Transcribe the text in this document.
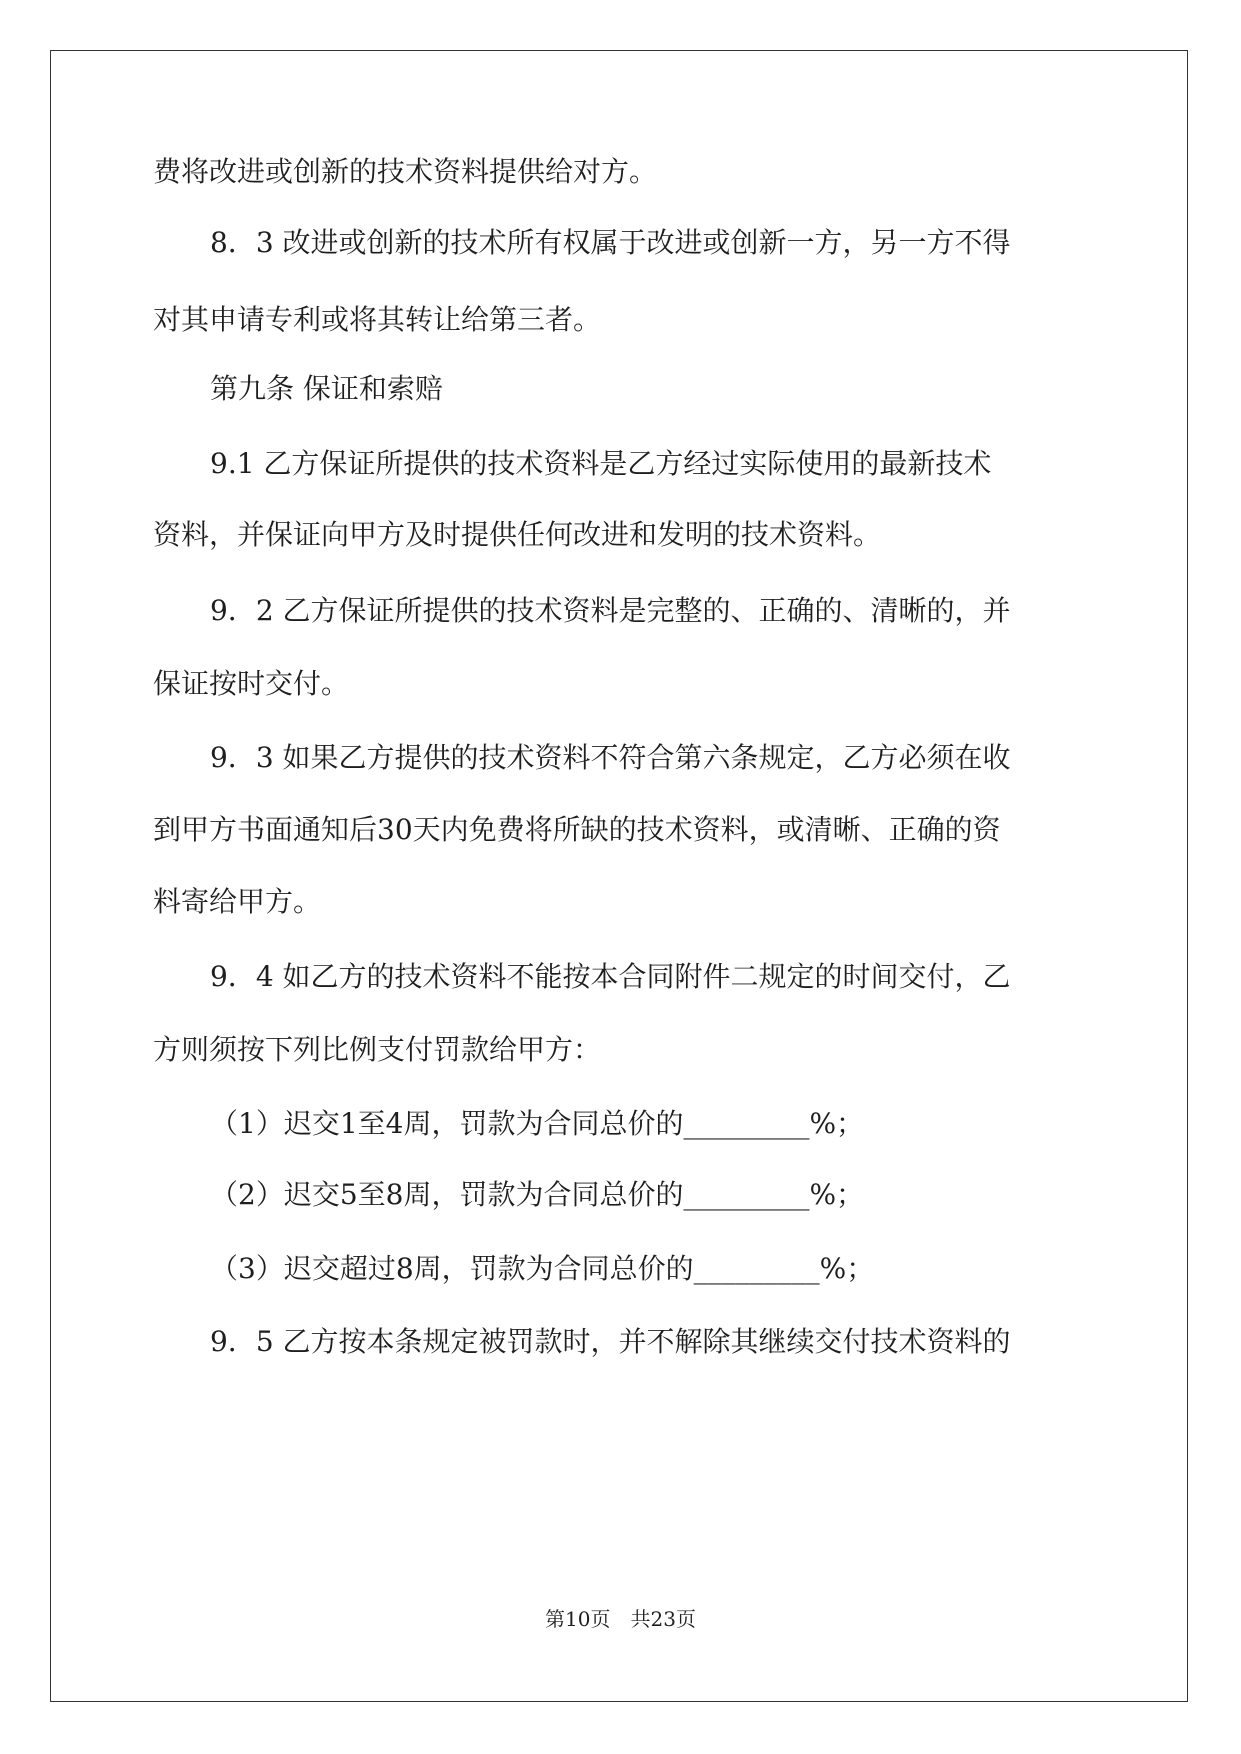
费将改进或创新的技术资料提供给对方。

8．3 改进或创新的技术所有权属于改进或创新一方，另一方不得

对其申请专利或将其转让给第三者。

第九条 保证和索赔

9.1 乙方保证所提供的技术资料是乙方经过实际使用的最新技术

资料，并保证向甲方及时提供任何改进和发明的技术资料。

9．2 乙方保证所提供的技术资料是完整的、正确的、清晰的，并

保证按时交付。

9．3 如果乙方提供的技术资料不符合第六条规定，乙方必须在收

到甲方书面通知后30天内免费将所缺的技术资料，或清晰、正确的资

料寄给甲方。

9．4 如乙方的技术资料不能按本合同附件二规定的时间交付，乙

方则须按下列比例支付罚款给甲方：

（1）迟交1至4周，罚款为合同总价的_________%；

（2）迟交5至8周，罚款为合同总价的_________%；

（3）迟交超过8周，罚款为合同总价的_________%；

9．5 乙方按本条规定被罚款时，并不解除其继续交付技术资料的

第10页　共23页
